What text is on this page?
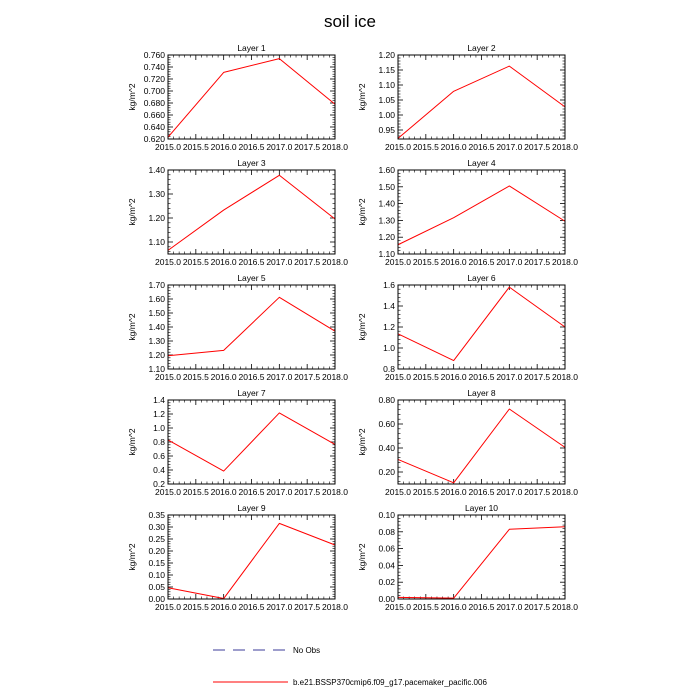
soil ice
Layer 1
2015.0 2015.5 2016.0 2016.5 2017.0 2017.5 2018.0
0.620
0.640
0.660
0.680
0.700
0.720
0.740
0.760
kg/m^2
Layer 2
2015.0 2015.5 2016.0 2016.5 2017.0 2017.5 2018.0
0.95
1.00
1.05
1.10
1.15
1.20
kg/m^2
Layer 3
2015.0 2015.5 2016.0 2016.5 2017.0 2017.5 2018.0
1.10
1.20
1.30
1.40
kg/m^2
Layer 4
2015.0 2015.5 2016.0 2016.5 2017.0 2017.5 2018.0
1.10
1.20
1.30
1.40
1.50
1.60
kg/m^2
Layer 5
2015.0 2015.5 2016.0 2016.5 2017.0 2017.5 2018.0
1.10
1.20
1.30
1.40
1.50
1.60
1.70
kg/m^2
Layer 6
2015.0 2015.5 2016.0 2016.5 2017.0 2017.5 2018.0
0.8
1.0
1.2
1.4
1.6
kg/m^2
Layer 7
2015.0 2015.5 2016.0 2016.5 2017.0 2017.5 2018.0
0.2
0.4
0.6
0.8
1.0
1.2
1.4
kg/m^2
Layer 8
2015.0 2015.5 2016.0 2016.5 2017.0 2017.5 2018.0
0.20
0.40
0.60
0.80
kg/m^2
Layer 9
2015.0 2015.5 2016.0 2016.5 2017.0 2017.5 2018.0
0.00
0.05
0.10
0.15
0.20
0.25
0.30
0.35
kg/m^2
Layer 10
2015.0 2015.5 2016.0 2016.5 2017.0 2017.5 2018.0
0.00
0.02
0.04
0.06
0.08
0.10
kg/m^2
No Obs
b.e21.BSSP370cmip6.f09_g17.pacemaker_pacific.006
